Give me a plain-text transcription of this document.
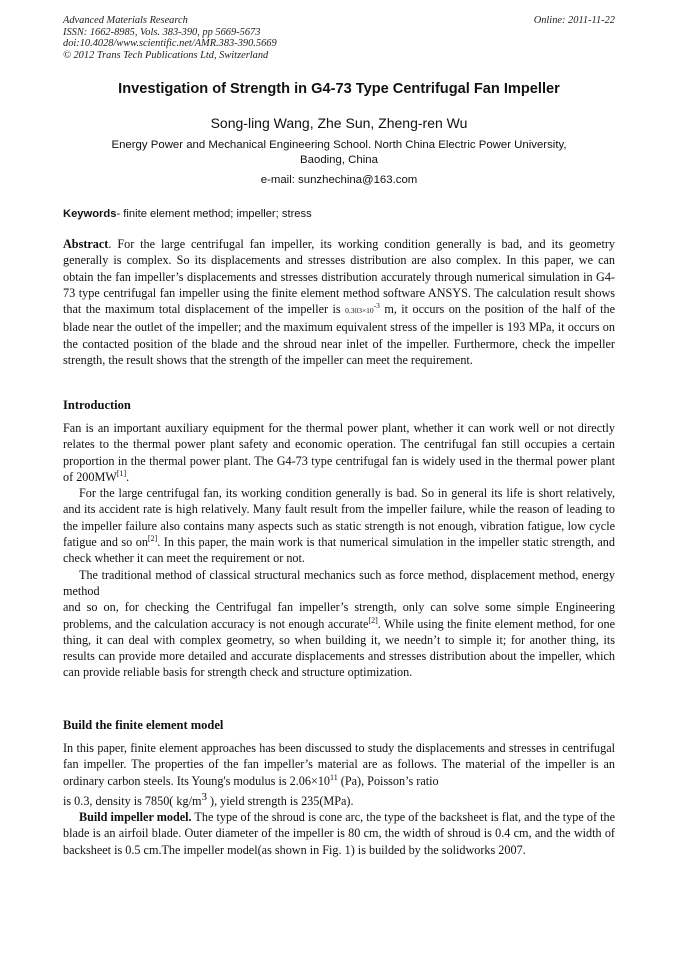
Advanced Materials Research
ISSN: 1662-8985, Vols. 383-390, pp 5669-5673
doi:10.4028/www.scientific.net/AMR.383-390.5669
© 2012 Trans Tech Publications Ltd, Switzerland
Online: 2011-11-22
Investigation of Strength in G4-73 Type Centrifugal Fan Impeller
Song-ling Wang, Zhe Sun, Zheng-ren Wu
Energy Power and Mechanical Engineering School. North China Electric Power University,
Baoding, China
e-mail: sunzhechina@163.com
Keywords- finite element method; impeller; stress

Abstract. For the large centrifugal fan impeller, its working condition generally is bad, and its geometry generally is complex. So its displacements and stresses distribution are also complex. In this paper, we can obtain the fan impeller’s displacements and stresses distribution accurately through numerical simulation in G4-73 type centrifugal fan impeller using the finite element method software ANSYS. The calculation result shows that the maximum total displacement of the impeller is $0.303\times 10^{-3}$ m, it occurs on the position of the half of the blade near the outlet of the impeller; and the maximum equivalent stress of the impeller is 193 MPa, it occurs on the contacted position of the blade and the shroud near inlet of the impeller. Furthermore, check the impeller strength, the result shows that the strength of the impeller can meet the requirement.

Introduction

Fan is an important auxiliary equipment for the thermal power plant, whether it can work well or not directly relates to the thermal power plant safety and economic operation. The centrifugal fan still occupies a certain proportion in the thermal power plant. The G4-73 type centrifugal fan is widely used in the thermal power plant of 200MW[1].

For the large centrifugal fan, its working condition generally is bad. So in general its life is short relatively, and its accident rate is high relatively. Many fault result from the impeller failure, while the reason of leading to the impeller failure also contains many aspects such as static strength is not enough, vibration fatigue, low cycle fatigue and so on[2]. In this paper, the main work is that numerical simulation in the impeller static strength, and check whether it can meet the requirement or not.

The traditional method of classical structural mechanics such as force method, displacement method, energy method

and so on, for checking the Centrifugal fan impeller’s strength, only can solve some simple Engineering problems, and the calculation accuracy is not enough accurate[2]. While using the finite element method, for one thing, it can deal with complex geometry, so when building it, we needn’t to simple it; for another thing, its results can provide more detailed and accurate displacements and stresses distribution about the impeller, which can provide reliable basis for strength check and structure optimization.

Build the finite element model

In this paper, finite element approaches has been discussed to study the displacements and stresses in centrifugal fan impeller. The properties of the fan impeller’s material are as follows. The material of the impeller is an ordinary carbon steels. Its Young's modulus is $2.06\times 10^{11}$ (Pa), Poisson’s ratio

is 0.3, density is 7850( $kg/m^3$ ), yield strength is 235(MPa).

Build impeller model. The type of the shroud is cone arc, the type of the backsheet is flat, and the type of the blade is an airfoil blade. Outer diameter of the impeller is 80 cm, the width of shroud is 0.4 cm, and the width of backsheet is 0.5 cm.The impeller model(as shown in Fig. 1) is builded by the solidworks 2007.
